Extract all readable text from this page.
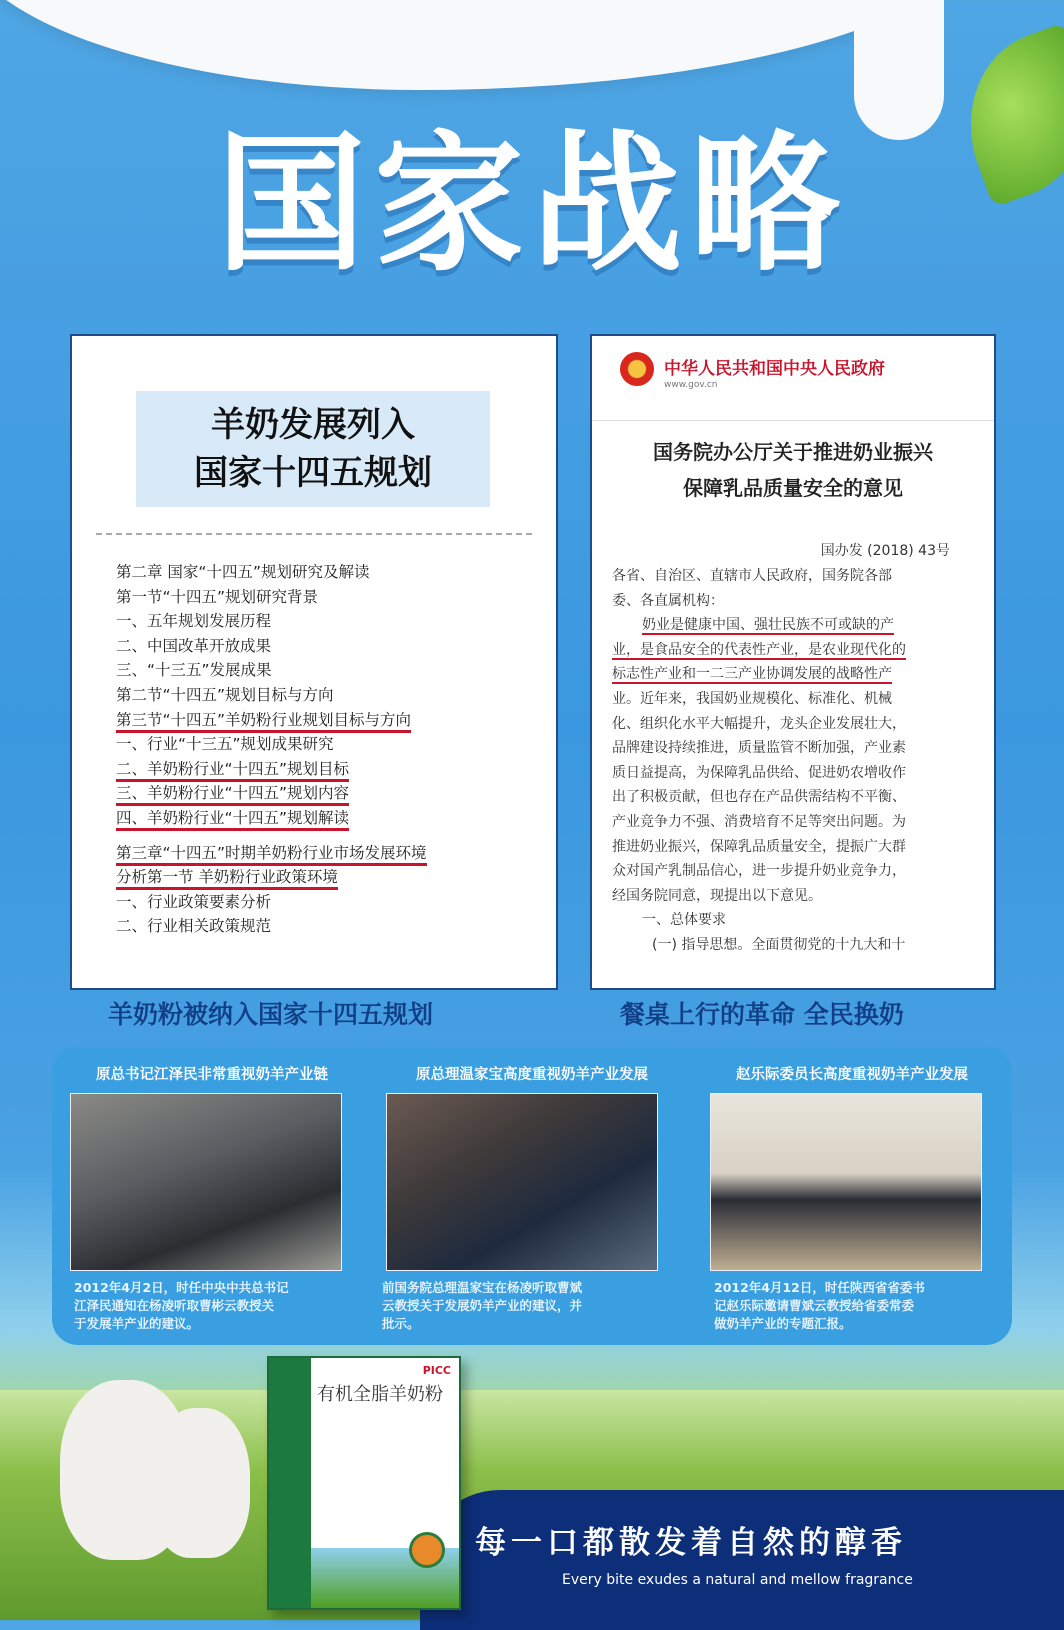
国家战略
羊奶发展列入
国家十四五规划
第二章 国家“十四五”规划研究及解读
第一节“十四五”规划研究背景
一、五年规划发展历程
二、中国改革开放成果
三、“十三五”发展成果
第二节“十四五”规划目标与方向
第三节“十四五”羊奶粉行业规划目标与方向
一、行业“十三五”规划成果研究
二、羊奶粉行业“十四五”规划目标
三、羊奶粉行业“十四五”规划内容
四、羊奶粉行业“十四五”规划解读
第三章“十四五”时期羊奶粉行业市场发展环境
分析第一节 羊奶粉行业政策环境
一、行业政策要素分析
二、行业相关政策规范
中华人民共和国中央人民政府
www.gov.cn
国务院办公厅关于推进奶业振兴
保障乳品质量安全的意见
国办发 (2018) 43号
各省、自治区、直辖市人民政府，国务院各部
委、各直属机构：
奶业是健康中国、强壮民族不可或缺的产
业，是食品安全的代表性产业，是农业现代化的
标志性产业和一二三产业协调发展的战略性产
业。近年来，我国奶业规模化、标准化、机械
化、组织化水平大幅提升，龙头企业发展壮大，
品牌建设持续推进，质量监管不断加强，产业素
质日益提高，为保障乳品供给、促进奶农增收作
出了积极贡献，但也存在产品供需结构不平衡、
产业竞争力不强、消费培育不足等突出问题。为
推进奶业振兴，保障乳品质量安全，提振广大群
众对国产乳制品信心，进一步提升奶业竞争力，
经国务院同意，现提出以下意见。
一、总体要求
(一) 指导思想。全面贯彻党的十九大和十
羊奶粉被纳入国家十四五规划	餐桌上行的革命 全民换奶
原总书记江泽民非常重视奶羊产业链
2012年4月2日，时任中央中共总书记
江泽民通知在杨凌听取曹彬云教授关
于发展羊产业的建议。
原总理温家宝高度重视奶羊产业发展
前国务院总理温家宝在杨凌听取曹斌
云教授关于发展奶羊产业的建议，并
批示。
赵乐际委员长高度重视奶羊产业发展
2012年4月12日，时任陕西省省委书
记赵乐际邀请曹斌云教授给省委常委
做奶羊产业的专题汇报。
每一口都散发着自然的醇香
Every bite exudes a natural and mellow fragrance
PICC
有机全脂羊奶粉
